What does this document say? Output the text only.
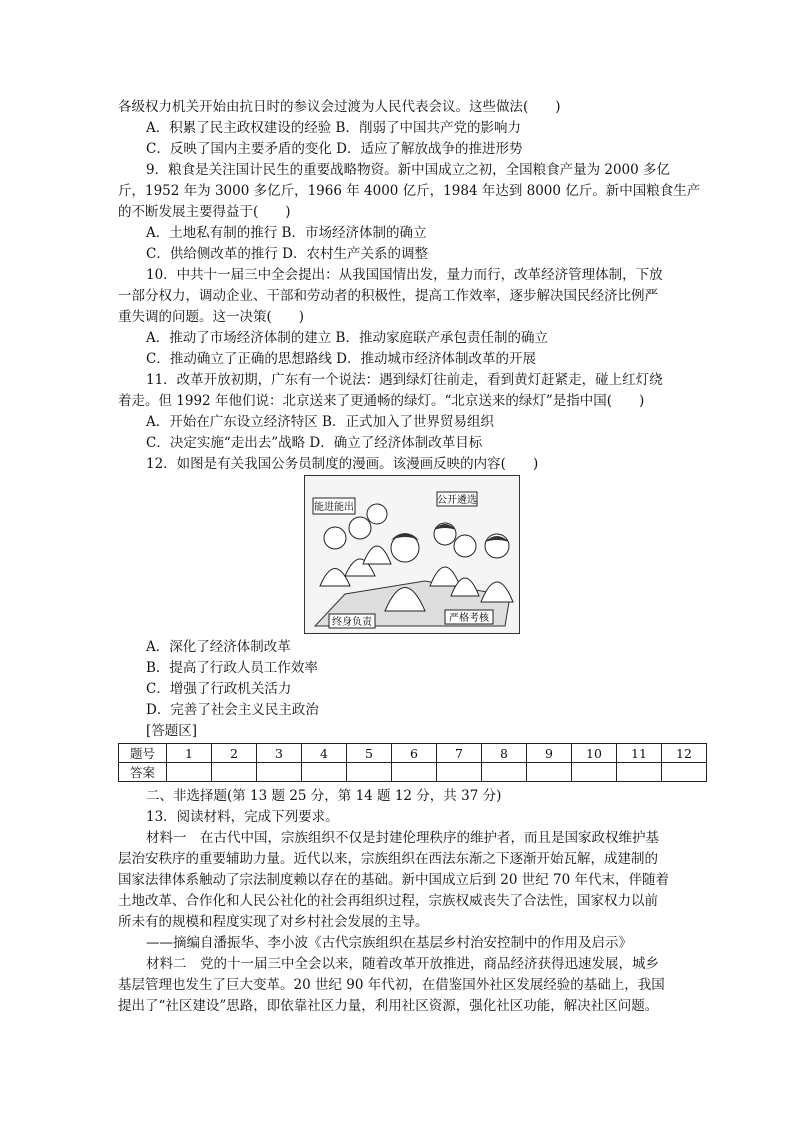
各级权力机关开始由抗日时的参议会过渡为人民代表会议。这些做法(　　)
A．积累了民主政权建设的经验 B．削弱了中国共产党的影响力
C．反映了国内主要矛盾的变化 D．适应了解放战争的推进形势
9．粮食是关注国计民生的重要战略物资。新中国成立之初，全国粮食产量为 2000 多亿
斤，1952 年为 3000 多亿斤，1966 年 4000 亿斤，1984 年达到 8000 亿斤。新中国粮食生产
的不断发展主要得益于(　　)
A．土地私有制的推行 B．市场经济体制的确立
C．供给侧改革的推行 D．农村生产关系的调整
10．中共十一届三中全会提出：从我国国情出发，量力而行，改革经济管理体制，下放
一部分权力，调动企业、干部和劳动者的积极性，提高工作效率，逐步解决国民经济比例严
重失调的问题。这一决策(　　)
A．推动了市场经济体制的建立 B．推动家庭联产承包责任制的确立
C．推动确立了正确的思想路线 D．推动城市经济体制改革的开展
11．改革开放初期，广东有一个说法：遇到绿灯往前走，看到黄灯赶紧走，碰上红灯绕
着走。但 1992 年他们说：北京送来了更通畅的绿灯。“北京送来的绿灯”是指中国(　　)
A．开始在广东设立经济特区 B．正式加入了世界贸易组织
C．决定实施“走出去”战略 D．确立了经济体制改革目标
12．如图是有关我国公务员制度的漫画。该漫画反映的内容(　　)
能进能出
公开遴选
终身负责	严格考核
A．深化了经济体制改革
B．提高了行政人员工作效率
C．增强了行政机关活力
D．完善了社会主义民主政治
[答题区]
题号	1	2	3	4	5	6	7	8	9	10	11	12
答案												
二、非选择题(第 13 题 25 分，第 14 题 12 分，共 37 分)
13．阅读材料，完成下列要求。
材料一　在古代中国，宗族组织不仅是封建伦理秩序的维护者，而且是国家政权维护基
层治安秩序的重要辅助力量。近代以来，宗族组织在西法东渐之下逐渐开始瓦解，成建制的
国家法律体系触动了宗法制度赖以存在的基础。新中国成立后到 20 世纪 70 年代末，伴随着
土地改革、合作化和人民公社化的社会再组织过程，宗族权威丧失了合法性，国家权力以前
所未有的规模和程度实现了对乡村社会发展的主导。
——摘编自潘振华、李小波《古代宗族组织在基层乡村治安控制中的作用及启示》
材料二　党的十一届三中全会以来，随着改革开放推进，商品经济获得迅速发展，城乡
基层管理也发生了巨大变革。20 世纪 90 年代初，在借鉴国外社区发展经验的基础上，我国
提出了“社区建设”思路，即依靠社区力量，利用社区资源，强化社区功能，解决社区问题。
